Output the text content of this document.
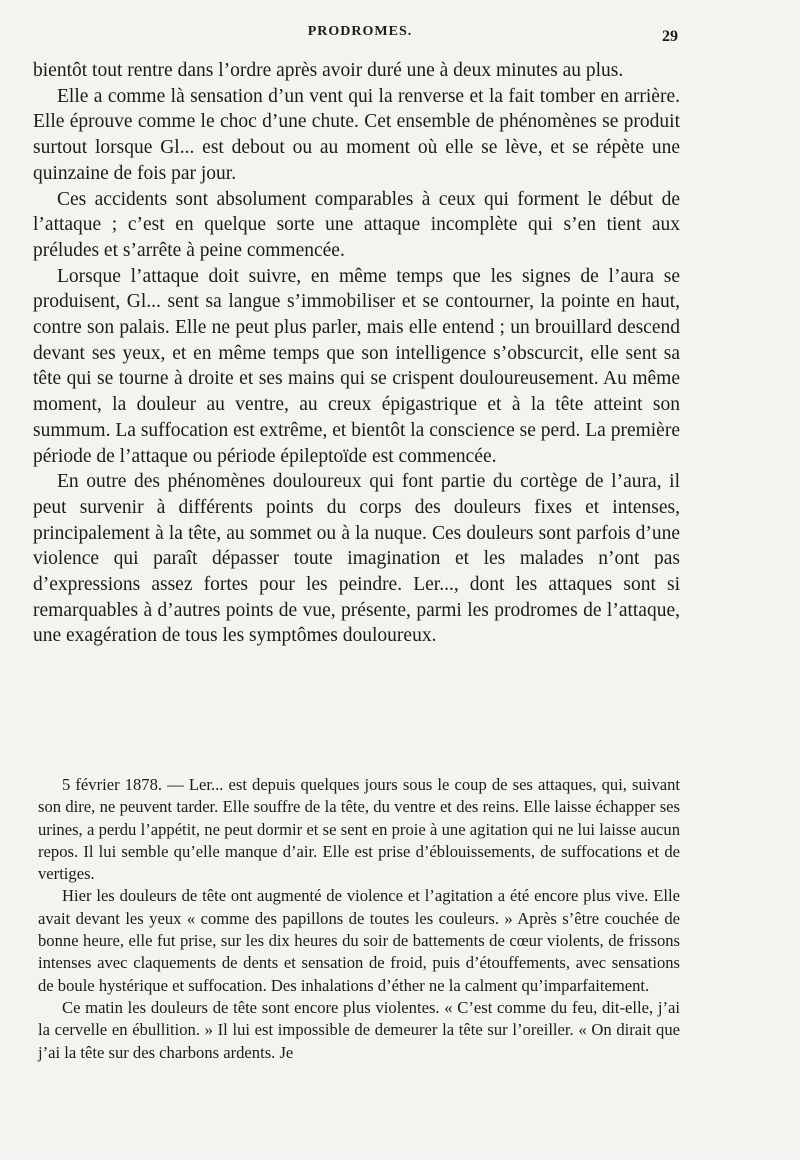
PRODROMES.	29

bientôt tout rentre dans l’ordre après avoir duré une à deux minutes au plus.

Elle a comme là sensation d’un vent qui la renverse et la fait tomber en arrière. Elle éprouve comme le choc d’une chute. Cet ensemble de phénomènes se produit surtout lorsque Gl... est debout ou au moment où elle se lève, et se répète une quinzaine de fois par jour.

Ces accidents sont absolument comparables à ceux qui forment le début de l’attaque ; c’est en quelque sorte une attaque incomplète qui s’en tient aux préludes et s’arrête à peine commencée.

Lorsque l’attaque doit suivre, en même temps que les signes de l’aura se produisent, Gl... sent sa langue s’immobiliser et se contourner, la pointe en haut, contre son palais. Elle ne peut plus parler, mais elle entend ; un brouillard descend devant ses yeux, et en même temps que son intelligence s’obscurcit, elle sent sa tête qui se tourne à droite et ses mains qui se crispent douloureusement. Au même moment, la douleur au ventre, au creux épigastrique et à la tête atteint son summum. La suffocation est extrême, et bientôt la conscience se perd. La première période de l’attaque ou période épileptoïde est commencée.

En outre des phénomènes douloureux qui font partie du cortège de l’aura, il peut survenir à différents points du corps des douleurs fixes et intenses, principalement à la tête, au sommet ou à la nuque. Ces douleurs sont parfois d’une violence qui paraît dépasser toute imagination et les malades n’ont pas d’expressions assez fortes pour les peindre. Ler..., dont les attaques sont si remarquables à d’autres points de vue, présente, parmi les prodromes de l’attaque, une exagération de tous les symptômes douloureux.

5 février 1878. — Ler... est depuis quelques jours sous le coup de ses attaques, qui, suivant son dire, ne peuvent tarder. Elle souffre de la tête, du ventre et des reins. Elle laisse échapper ses urines, a perdu l’appétit, ne peut dormir et se sent en proie à une agitation qui ne lui laisse aucun repos. Il lui semble qu’elle manque d’air. Elle est prise d’éblouissements, de suffocations et de vertiges.

Hier les douleurs de tête ont augmenté de violence et l’agitation a été encore plus vive. Elle avait devant les yeux « comme des papillons de toutes les couleurs. » Après s’être couchée de bonne heure, elle fut prise, sur les dix heures du soir de battements de cœur violents, de frissons intenses avec claquements de dents et sensation de froid, puis d’étouffements, avec sensations de boule hystérique et suffocation. Des inhalations d’éther ne la calment qu’imparfaitement.

Ce matin les douleurs de tête sont encore plus violentes. « C’est comme du feu, dit-elle, j’ai la cervelle en ébullition. » Il lui est impossible de demeurer la tête sur l’oreiller. « On dirait que j’ai la tête sur des charbons ardents. Je
